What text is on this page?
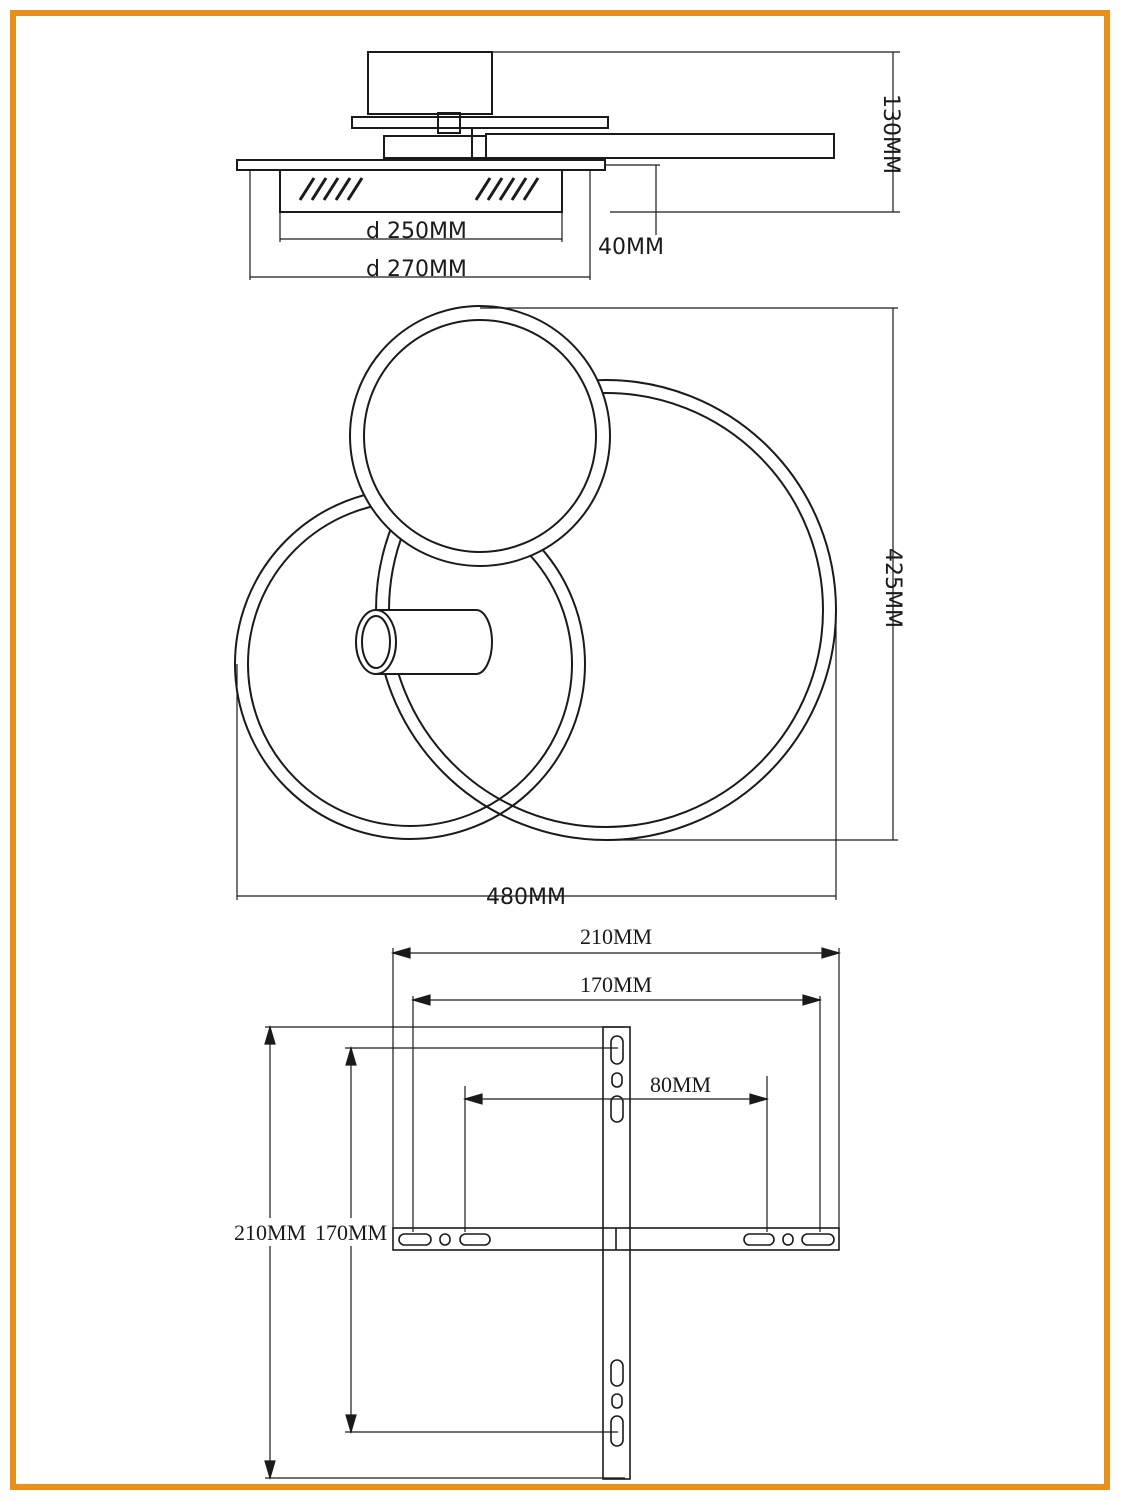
d 250MM
d 270MM
40MM
130MM
425MM
480MM
210MM
170MM
80MM
210MM 170MM
